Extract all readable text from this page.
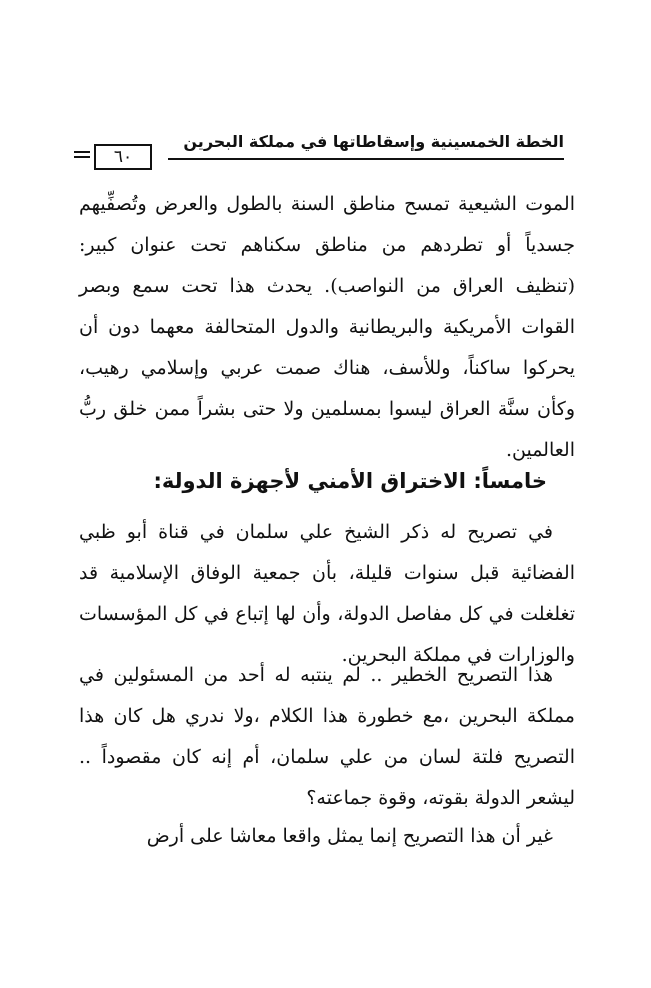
الخطة الخمسينية وإسقاطاتها في مملكة البحرين
٦٠

الموت الشيعية تمسح مناطق السنة بالطول والعرض وتُصفِّيهم جسدياً أو تطردهم من مناطق سكناهم تحت عنوان كبير: (تنظيف العراق من النواصب). يحدث هذا تحت سمع وبصر القوات الأمريكية والبريطانية والدول المتحالفة معهما دون أن يحركوا ساكناً، وللأسف، هناك صمت عربي وإسلامي رهيب، وكأن سنَّة العراق ليسوا بمسلمين ولا حتى بشراً ممن خلق ربُّ العالمين.

خامساً: الاختراق الأمني لأجهزة الدولة:

في تصريح له ذكر الشيخ علي سلمان في قناة أبو ظبي الفضائية قبل سنوات قليلة، بأن جمعية الوفاق الإسلامية قد تغلغلت في كل مفاصل الدولة، وأن لها إتباع في كل المؤسسات والوزارات في مملكة البحرين.

هذا التصريح الخطير .. لم ينتبه له أحد من المسئولين في مملكة البحرين ،مع خطورة هذا الكلام ،ولا ندري هل كان هذا التصريح فلتة لسان من علي سلمان، أم إنه كان مقصوداً .. ليشعر الدولة بقوته، وقوة جماعته؟

غير أن هذا التصريح إنما يمثل واقعا معاشا على أرض
